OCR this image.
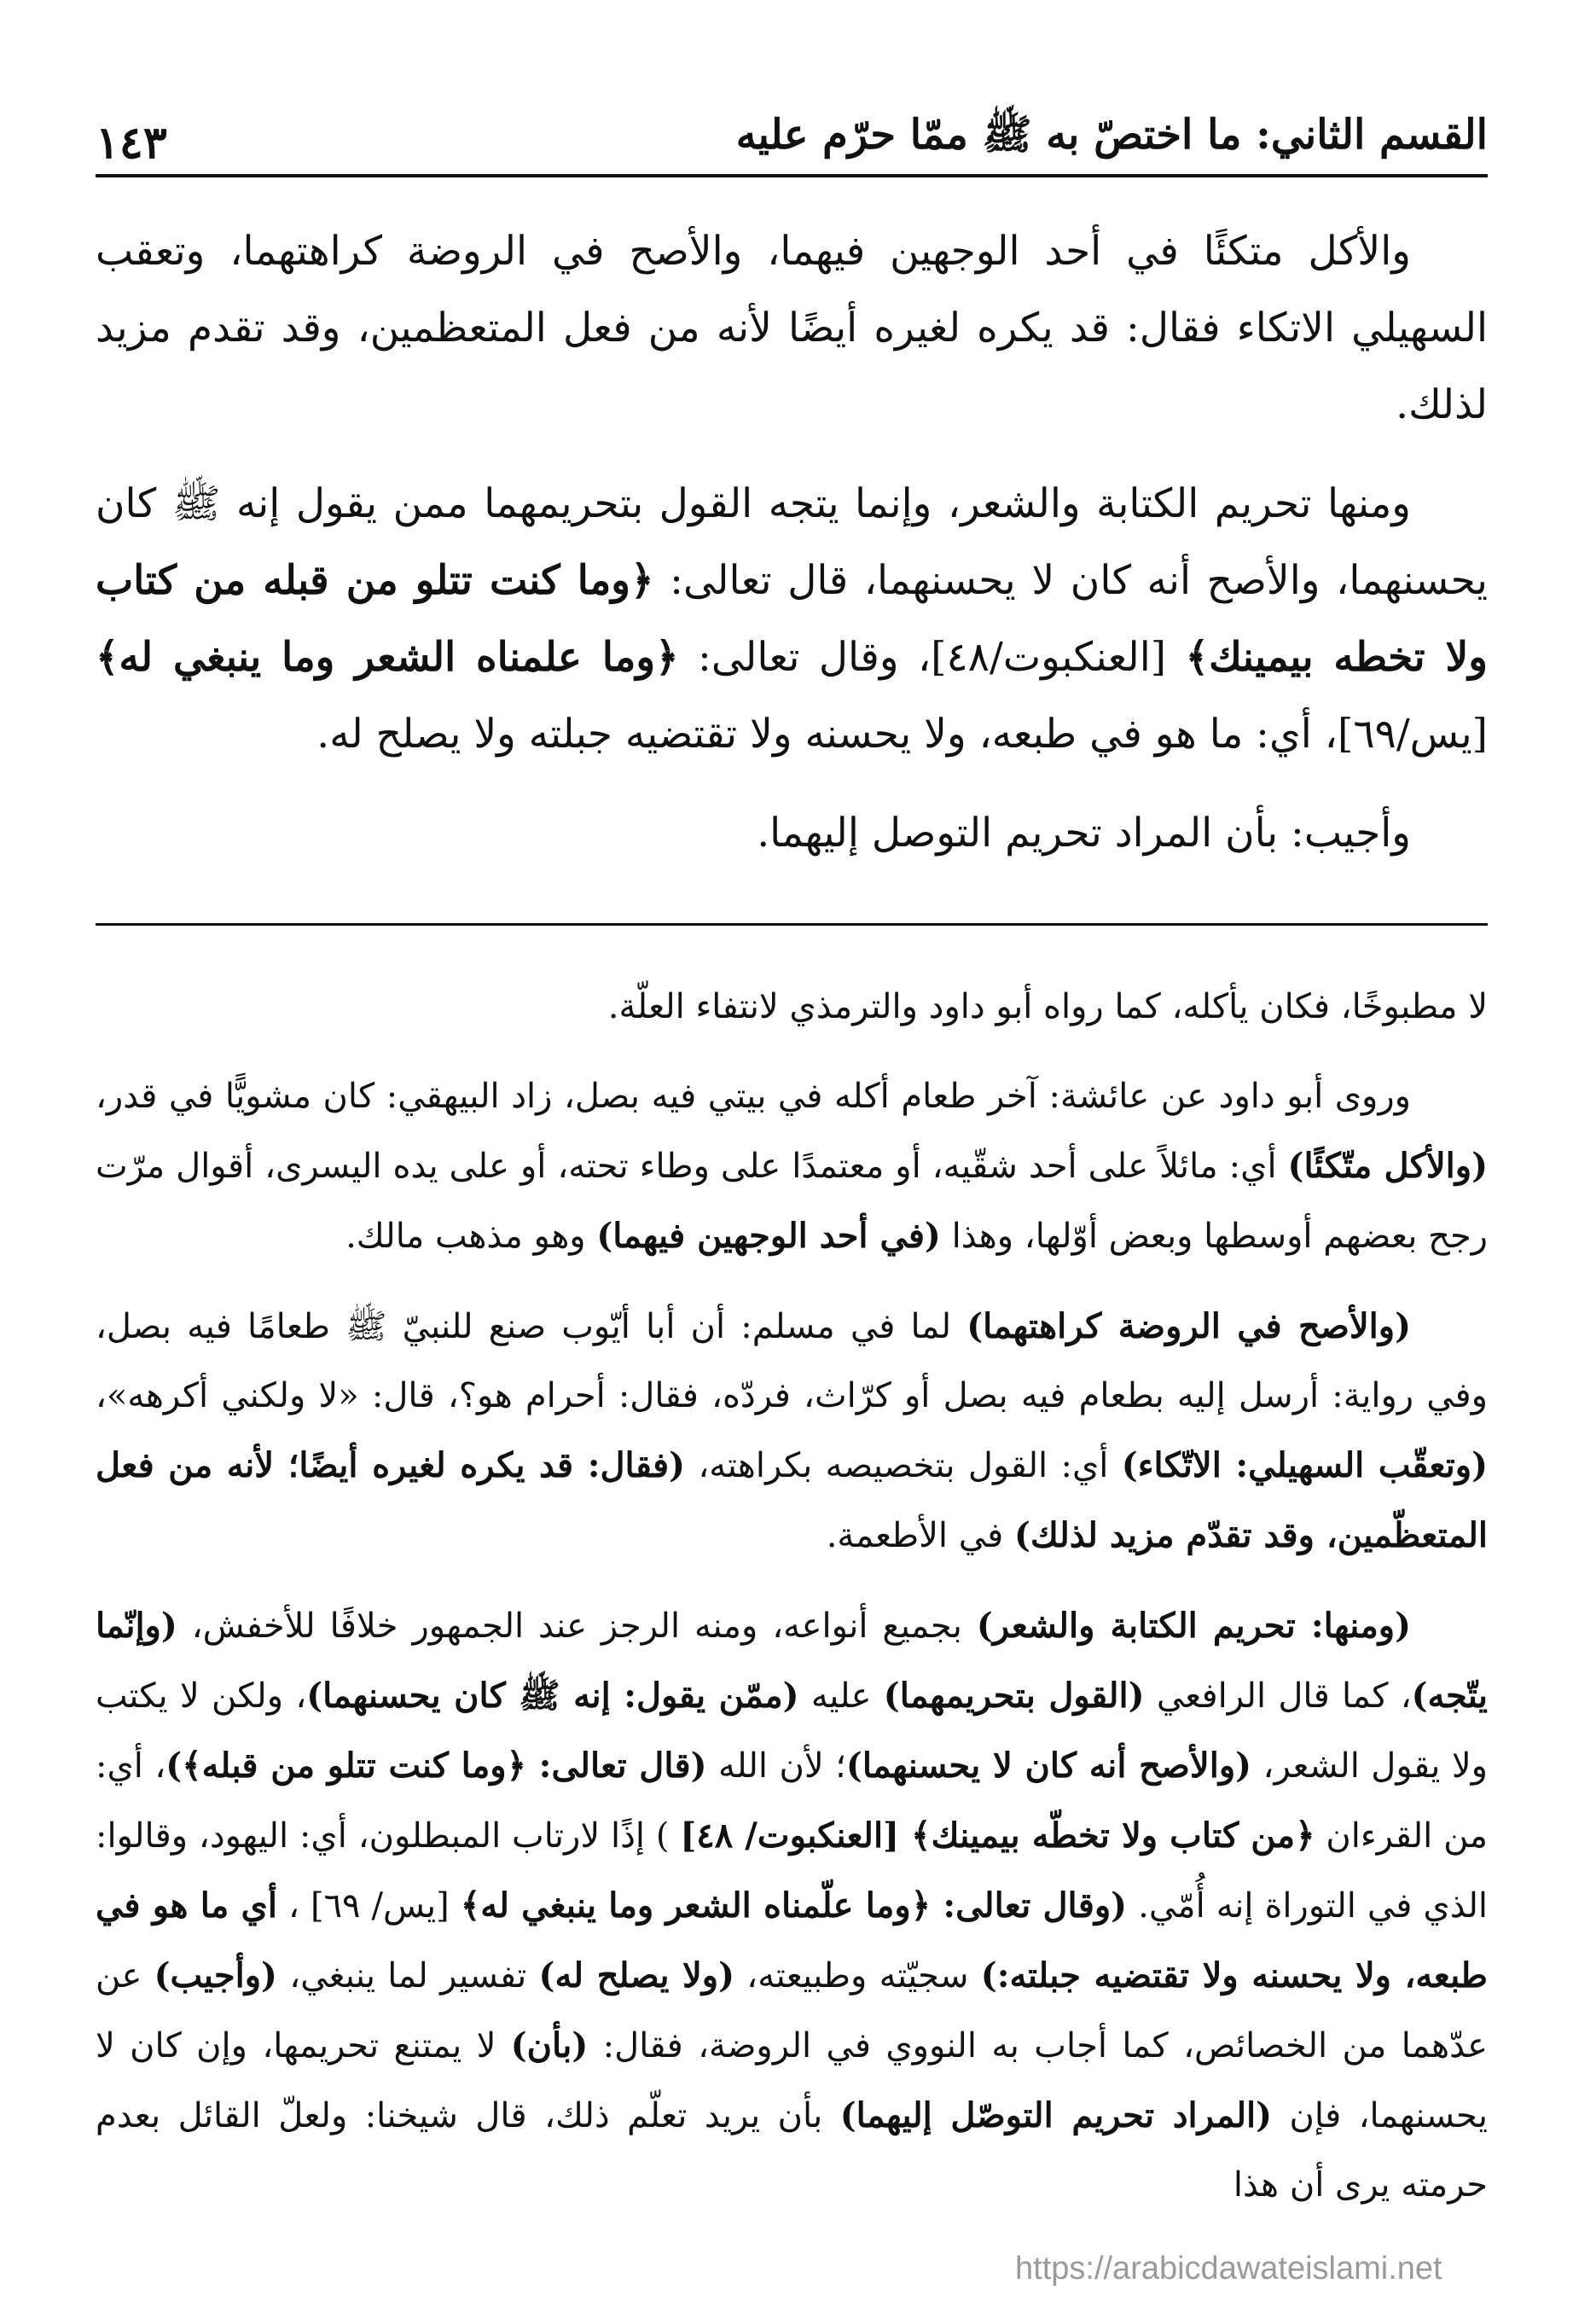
القسم الثاني: ما اختصّ به ﷺ ممّا حرّم عليه
١٤٣

والأكل متكئًا في أحد الوجهين فيهما، والأصح في الروضة كراهتهما، وتعقب السهيلي الاتكاء فقال: قد يكره لغيره أيضًا لأنه من فعل المتعظمين، وقد تقدم مزيد لذلك.

ومنها تحريم الكتابة والشعر، وإنما يتجه القول بتحريمهما ممن يقول إنه ﷺ كان يحسنهما، والأصح أنه كان لا يحسنهما، قال تعالى: ﴿وما كنت تتلو من قبله من كتاب ولا تخطه بيمينك﴾ [العنكبوت/٤٨]، وقال تعالى: ﴿وما علمناه الشعر وما ينبغي له﴾ [يس/٦٩]، أي: ما هو في طبعه، ولا يحسنه ولا تقتضيه جبلته ولا يصلح له.

وأجيب: بأن المراد تحريم التوصل إليهما.

لا مطبوخًا، فكان يأكله، كما رواه أبو داود والترمذي لانتفاء العلّة.

وروى أبو داود عن عائشة: آخر طعام أكله في بيتي فيه بصل، زاد البيهقي: كان مشويًّا في قدر، (والأكل متّكئًا) أي: مائلاً على أحد شقّيه، أو معتمدًا على وطاء تحته، أو على يده اليسرى، أقوال مرّت رجح بعضهم أوسطها وبعض أوّلها، وهذا (في أحد الوجهين فيهما) وهو مذهب مالك.

(والأصح في الروضة كراهتهما) لما في مسلم: أن أبا أيّوب صنع للنبيّ ﷺ طعامًا فيه بصل، وفي رواية: أرسل إليه بطعام فيه بصل أو كرّاث، فردّه، فقال: أحرام هو؟، قال: «لا ولكني أكرهه»، (وتعقّب السهيلي: الاتّكاء) أي: القول بتخصيصه بكراهته، (فقال: قد يكره لغيره أيضًا؛ لأنه من فعل المتعظّمين، وقد تقدّم مزيد لذلك) في الأطعمة.

(ومنها: تحريم الكتابة والشعر) بجميع أنواعه، ومنه الرجز عند الجمهور خلافًا للأخفش، (وإنّما يتّجه)، كما قال الرافعي (القول بتحريمهما) عليه (ممّن يقول: إنه ﷺ كان يحسنهما)، ولكن لا يكتب ولا يقول الشعر، (والأصح أنه كان لا يحسنهما)؛ لأن الله (قال تعالى: ﴿وما كنت تتلو من قبله﴾)، أي: من القرءان ﴿من كتاب ولا تخطّه بيمينك﴾ [العنكبوت/ ٤٨] ) إذًا لارتاب المبطلون، أي: اليهود، وقالوا: الذي في التوراة إنه أُمّي. (وقال تعالى: ﴿وما علّمناه الشعر وما ينبغي له﴾ [يس/ ٦٩] ، أي ما هو في طبعه، ولا يحسنه ولا تقتضيه جبلته:) سجيّته وطبيعته، (ولا يصلح له) تفسير لما ينبغي، (وأجيب) عن عدّهما من الخصائص، كما أجاب به النووي في الروضة، فقال: (بأن) لا يمتنع تحريمها، وإن كان لا يحسنهما، فإن (المراد تحريم التوصّل إليهما) بأن يريد تعلّم ذلك، قال شيخنا: ولعلّ القائل بعدم حرمته يرى أن هذا

https://arabicdawateislami.net
